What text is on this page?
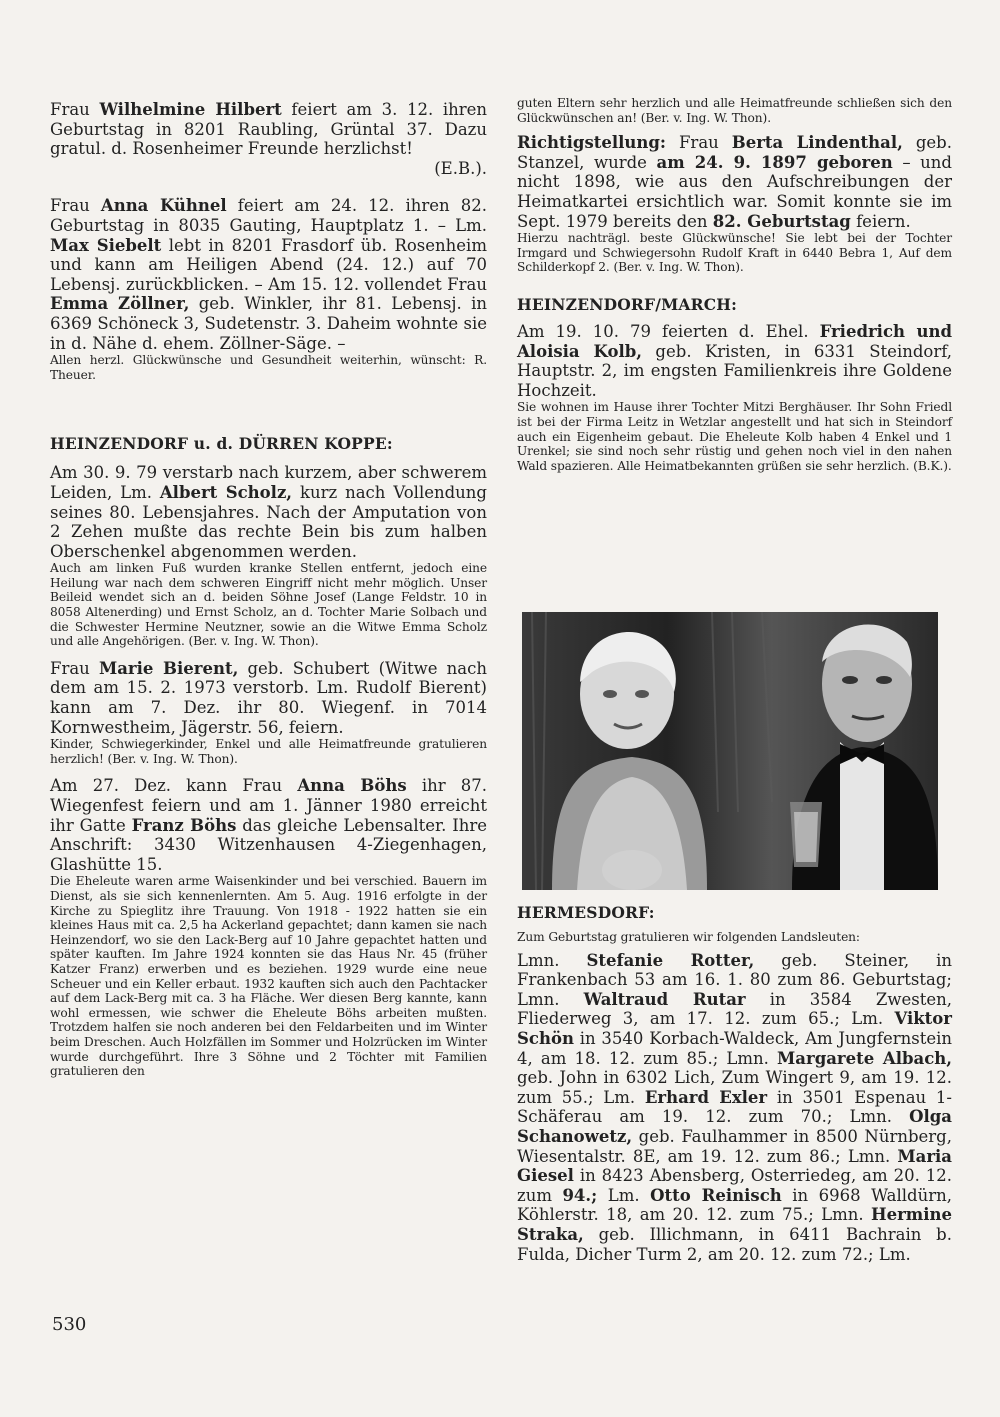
Frau Wilhelmine Hilbert feiert am 3. 12. ihren Geburtstag in 8201 Raubling, Grüntal 37. Dazu gratul. d. Rosenheimer Freunde herzlichst!

(E.B.).

Frau Anna Kühnel feiert am 24. 12. ihren 82. Geburtstag in 8035 Gauting, Hauptplatz 1. – Lm. Max Siebelt lebt in 8201 Frasdorf üb. Rosenheim und kann am Heiligen Abend (24. 12.) auf 70 Lebensj. zurückblicken. – Am 15. 12. vollendet Frau Emma Zöllner, geb. Winkler, ihr 81. Lebensj. in 6369 Schöneck 3, Sudetenstr. 3. Daheim wohnte sie in d. Nähe d. ehem. Zöllner-Säge. –

Allen herzl. Glückwünsche und Gesundheit weiterhin, wünscht: R. Theuer.

HEINZENDORF u. d. DÜRREN KOPPE:

Am 30. 9. 79 verstarb nach kurzem, aber schwerem Leiden, Lm. Albert Scholz, kurz nach Vollendung seines 80. Lebensjahres. Nach der Amputation von 2 Zehen mußte das rechte Bein bis zum halben Oberschenkel abgenommen werden.

Auch am linken Fuß wurden kranke Stellen entfernt, jedoch eine Heilung war nach dem schweren Eingriff nicht mehr möglich. Unser Beileid wendet sich an d. beiden Söhne Josef (Lange Feldstr. 10 in 8058 Altenerding) und Ernst Scholz, an d. Tochter Marie Solbach und die Schwester Hermine Neutzner, sowie an die Witwe Emma Scholz und alle Angehörigen. (Ber. v. Ing. W. Thon).

Frau Marie Bierent, geb. Schubert (Witwe nach dem am 15. 2. 1973 verstorb. Lm. Rudolf Bierent) kann am 7. Dez. ihr 80. Wiegenf. in 7014 Kornwestheim, Jägerstr. 56, feiern.

Kinder, Schwiegerkinder, Enkel und alle Heimatfreunde gratulieren herzlich! (Ber. v. Ing. W. Thon).

Am 27. Dez. kann Frau Anna Böhs ihr 87. Wiegenfest feiern und am 1. Jänner 1980 erreicht ihr Gatte Franz Böhs das gleiche Lebensalter. Ihre Anschrift: 3430 Witzenhausen 4-Ziegenhagen, Glashütte 15.

Die Eheleute waren arme Waisenkinder und bei verschied. Bauern im Dienst, als sie sich kennenlernten. Am 5. Aug. 1916 erfolgte in der Kirche zu Spieglitz ihre Trauung. Von 1918 - 1922 hatten sie ein kleines Haus mit ca. 2,5 ha Ackerland gepachtet; dann kamen sie nach Heinzendorf, wo sie den Lack-Berg auf 10 Jahre gepachtet hatten und später kauften. Im Jahre 1924 konnten sie das Haus Nr. 45 (früher Katzer Franz) erwerben und es beziehen. 1929 wurde eine neue Scheuer und ein Keller erbaut. 1932 kauften sich auch den Pachtacker auf dem Lack-Berg mit ca. 3 ha Fläche. Wer diesen Berg kannte, kann wohl ermessen, wie schwer die Eheleute Böhs arbeiten mußten. Trotzdem halfen sie noch anderen bei den Feldarbeiten und im Winter beim Dreschen. Auch Holzfällen im Sommer und Holzrücken im Winter wurde durchgeführt. Ihre 3 Söhne und 2 Töchter mit Familien gratulieren den

guten Eltern sehr herzlich und alle Heimatfreunde schließen sich den Glückwünschen an! (Ber. v. Ing. W. Thon).

Richtigstellung: Frau Berta Lindenthal, geb. Stanzel, wurde am 24. 9. 1897 geboren – und nicht 1898, wie aus den Aufschreibungen der Heimatkartei ersichtlich war. Somit konnte sie im Sept. 1979 bereits den 82. Geburtstag feiern.

Hierzu nachträgl. beste Glückwünsche! Sie lebt bei der Tochter Irmgard und Schwiegersohn Rudolf Kraft in 6440 Bebra 1, Auf dem Schilderkopf 2. (Ber. v. Ing. W. Thon).

HEINZENDORF/MARCH:

Am 19. 10. 79 feierten d. Ehel. Friedrich und Aloisia Kolb, geb. Kristen, in 6331 Steindorf, Hauptstr. 2, im engsten Familienkreis ihre Goldene Hochzeit.

Sie wohnen im Hause ihrer Tochter Mitzi Berghäuser. Ihr Sohn Friedl ist bei der Firma Leitz in Wetzlar angestellt und hat sich in Steindorf auch ein Eigenheim gebaut. Die Eheleute Kolb haben 4 Enkel und 1 Urenkel; sie sind noch sehr rüstig und gehen noch viel in den nahen Wald spazieren. Alle Heimatbekannten grüßen sie sehr herzlich. (B.K.).

HERMESDORF:

Zum Geburtstag gratulieren wir folgenden Landsleuten:

Lmn. Stefanie Rotter, geb. Steiner, in Frankenbach 53 am 16. 1. 80 zum 86. Geburtstag; Lmn. Waltraud Rutar in 3584 Zwesten, Fliederweg 3, am 17. 12. zum 65.; Lm. Viktor Schön in 3540 Korbach-Waldeck, Am Jungfernstein 4, am 18. 12. zum 85.; Lmn. Margarete Albach, geb. John in 6302 Lich, Zum Wingert 9, am 19. 12. zum 55.; Lm. Erhard Exler in 3501 Espenau 1-Schäferau am 19. 12. zum 70.; Lmn. Olga Schanowetz, geb. Faulhammer in 8500 Nürnberg, Wiesentalstr. 8E, am 19. 12. zum 86.; Lmn. Maria Giesel in 8423 Abensberg, Osterriedeg, am 20. 12. zum 94.; Lm. Otto Reinisch in 6968 Walldürn, Köhlerstr. 18, am 20. 12. zum 75.; Lmn. Hermine Straka, geb. Illichmann, in 6411 Bachrain b. Fulda, Dicher Turm 2, am 20. 12. zum 72.; Lm.

530
